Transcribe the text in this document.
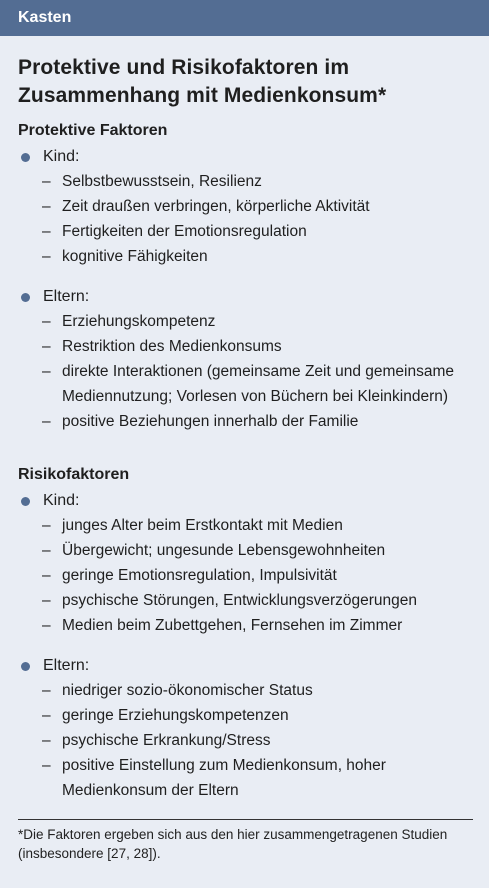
Kasten
Protektive und Risikofaktoren im Zusammenhang mit Medienkonsum*
Protektive Faktoren
Kind:
– Selbstbewusstsein, Resilienz
– Zeit draußen verbringen, körperliche Aktivität
– Fertigkeiten der Emotionsregulation
– kognitive Fähigkeiten
Eltern:
– Erziehungskompetenz
– Restriktion des Medienkonsums
– direkte Interaktionen (gemeinsame Zeit und gemeinsame Mediennutzung; Vorlesen von Büchern bei Kleinkindern)
– positive Beziehungen innerhalb der Familie
Risikofaktoren
Kind:
– junges Alter beim Erstkontakt mit Medien
– Übergewicht; ungesunde Lebensgewohnheiten
– geringe Emotionsregulation, Impulsivität
– psychische Störungen, Entwicklungsverzögerungen
– Medien beim Zubettgehen, Fernsehen im Zimmer
Eltern:
– niedriger sozio-ökonomischer Status
– geringe Erziehungskompetenzen
– psychische Erkrankung/Stress
– positive Einstellung zum Medienkonsum, hoher Medienkonsum der Eltern
*Die Faktoren ergeben sich aus den hier zusammengetragenen Studien (insbesondere [27, 28]).
